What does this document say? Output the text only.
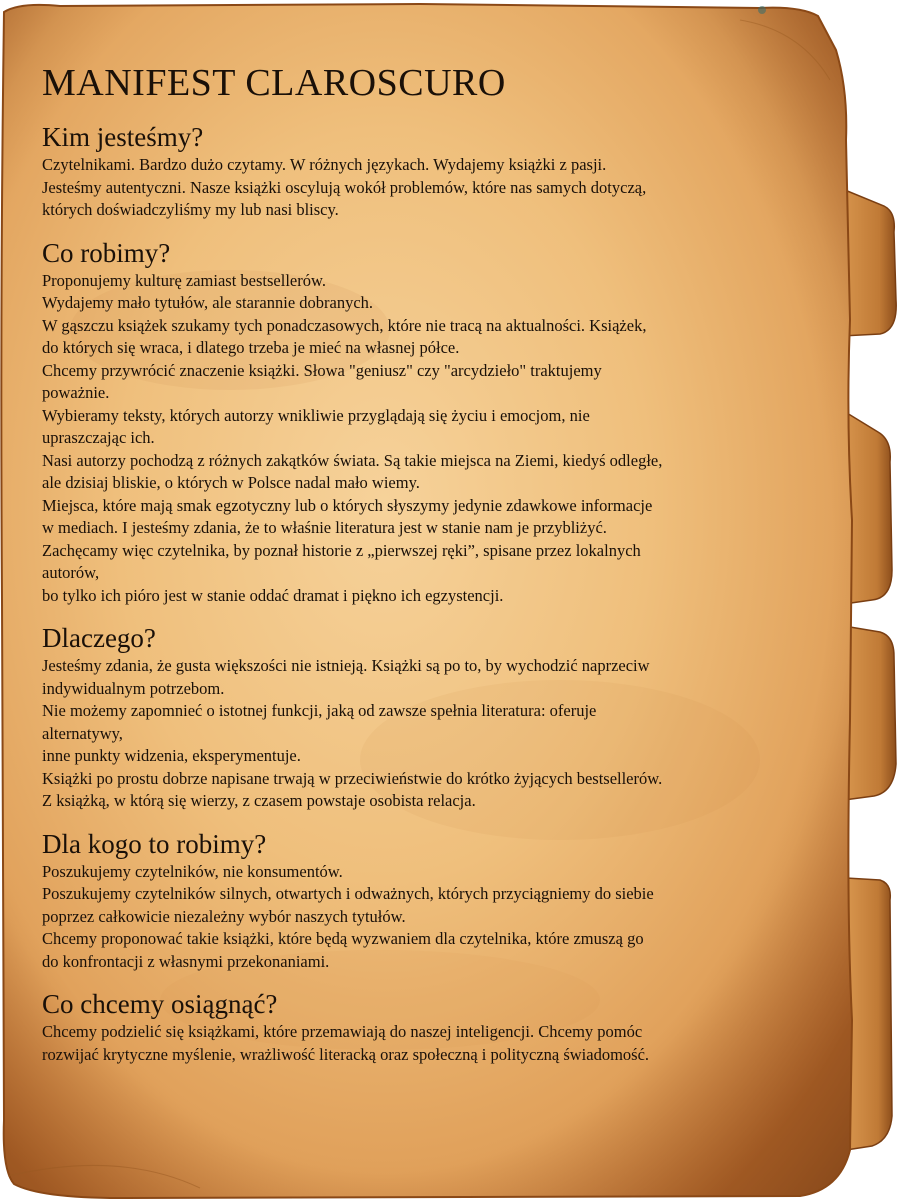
MANIFEST CLAROSCURO
Kim jesteśmy?

Czytelnikami. Bardzo dużo czytamy. W różnych językach. Wydajemy książki z pasji.

Jesteśmy autentyczni. Nasze książki oscylują wokół problemów, które nas samych dotyczą,

których doświadczyliśmy my lub nasi bliscy.

Co robimy?

Proponujemy kulturę zamiast bestsellerów.

Wydajemy mało tytułów, ale starannie dobranych.

W gąszczu książek szukamy tych ponadczasowych, które nie tracą na aktualności. Książek,

do których się wraca, i dlatego trzeba je mieć na własnej półce.

Chcemy przywrócić znaczenie książki. Słowa "geniusz" czy "arcydzieło" traktujemy

poważnie.

Wybieramy teksty, których autorzy wnikliwie przyglądają się życiu i emocjom, nie

upraszczając ich.

Nasi autorzy pochodzą z różnych zakątków świata. Są takie miejsca na Ziemi, kiedyś odległe,

ale dzisiaj bliskie, o których w Polsce nadal mało wiemy.

Miejsca, które mają smak egzotyczny lub o których słyszymy jedynie zdawkowe informacje

w mediach. I jesteśmy zdania, że to właśnie literatura jest w stanie nam je przybliżyć.

Zachęcamy więc czytelnika, by poznał historie z „pierwszej ręki”, spisane przez lokalnych

autorów,

bo tylko ich pióro jest w stanie oddać dramat i piękno ich egzystencji.

Dlaczego?

Jesteśmy zdania, że gusta większości nie istnieją. Książki są po to, by wychodzić naprzeciw

indywidualnym potrzebom.

Nie możemy zapomnieć o istotnej funkcji, jaką od zawsze spełnia literatura: oferuje

alternatywy,

inne punkty widzenia, eksperymentuje.

Książki po prostu dobrze napisane trwają w przeciwieństwie do krótko żyjących bestsellerów.

Z książką, w którą się wierzy, z czasem powstaje osobista relacja.

Dla kogo to robimy?

Poszukujemy czytelników, nie konsumentów.

Poszukujemy czytelników silnych, otwartych i odważnych, których przyciągniemy do siebie

poprzez całkowicie niezależny wybór naszych tytułów.

Chcemy proponować takie książki, które będą wyzwaniem dla czytelnika, które zmuszą go

do konfrontacji z własnymi przekonaniami.

Co chcemy osiągnąć?

Chcemy podzielić się książkami, które przemawiają do naszej inteligencji. Chcemy pomóc

rozwijać krytyczne myślenie, wrażliwość literacką oraz społeczną i polityczną świadomość.
